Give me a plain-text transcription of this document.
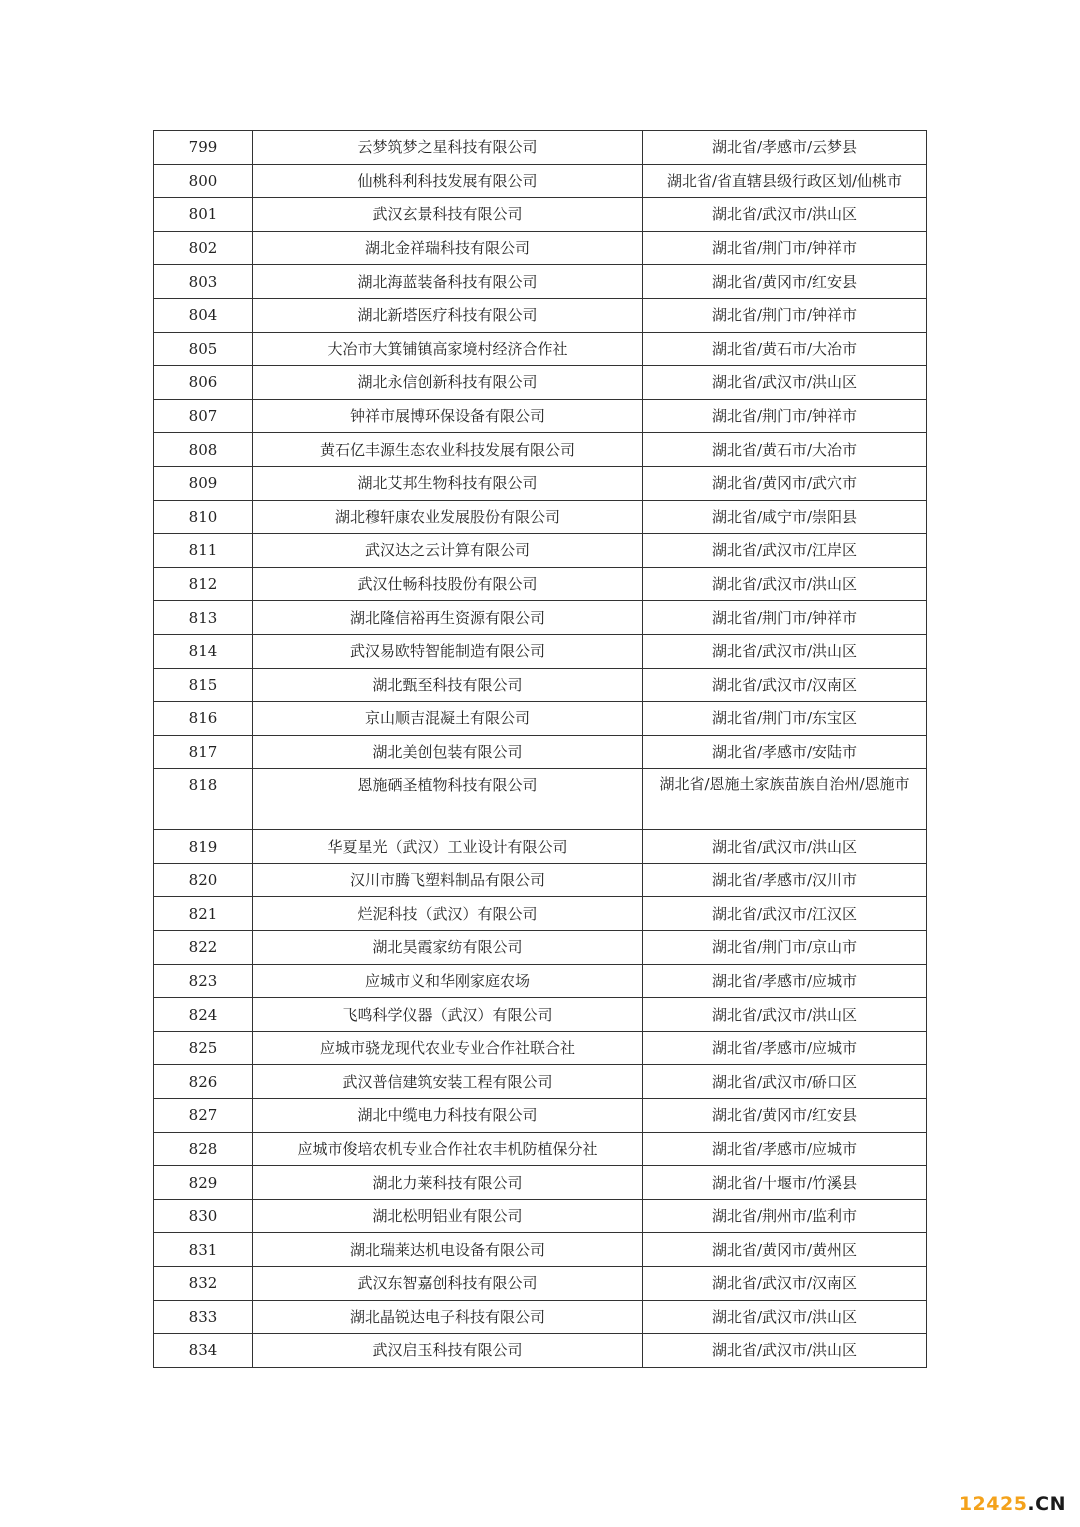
799	云梦筑梦之星科技有限公司	湖北省/孝感市/云梦县
800	仙桃科利科技发展有限公司	湖北省/省直辖县级行政区划/仙桃市
801	武汉玄景科技有限公司	湖北省/武汉市/洪山区
802	湖北金祥瑞科技有限公司	湖北省/荆门市/钟祥市
803	湖北海蓝装备科技有限公司	湖北省/黄冈市/红安县
804	湖北新塔医疗科技有限公司	湖北省/荆门市/钟祥市
805	大冶市大箕铺镇高家境村经济合作社	湖北省/黄石市/大冶市
806	湖北永信创新科技有限公司	湖北省/武汉市/洪山区
807	钟祥市展博环保设备有限公司	湖北省/荆门市/钟祥市
808	黄石亿丰源生态农业科技发展有限公司	湖北省/黄石市/大冶市
809	湖北艾邦生物科技有限公司	湖北省/黄冈市/武穴市
810	湖北穆轩康农业发展股份有限公司	湖北省/咸宁市/崇阳县
811	武汉达之云计算有限公司	湖北省/武汉市/江岸区
812	武汉仕畅科技股份有限公司	湖北省/武汉市/洪山区
813	湖北隆信裕再生资源有限公司	湖北省/荆门市/钟祥市
814	武汉易欧特智能制造有限公司	湖北省/武汉市/洪山区
815	湖北甄至科技有限公司	湖北省/武汉市/汉南区
816	京山顺吉混凝土有限公司	湖北省/荆门市/东宝区
817	湖北美创包装有限公司	湖北省/孝感市/安陆市
818	恩施硒圣植物科技有限公司	湖北省/恩施土家族苗族自治州/恩施市
819	华夏星光（武汉）工业设计有限公司	湖北省/武汉市/洪山区
820	汉川市腾飞塑料制品有限公司	湖北省/孝感市/汉川市
821	烂泥科技（武汉）有限公司	湖北省/武汉市/江汉区
822	湖北昊霞家纺有限公司	湖北省/荆门市/京山市
823	应城市义和华刚家庭农场	湖北省/孝感市/应城市
824	飞鸣科学仪器（武汉）有限公司	湖北省/武汉市/洪山区
825	应城市骁龙现代农业专业合作社联合社	湖北省/孝感市/应城市
826	武汉普信建筑安装工程有限公司	湖北省/武汉市/硚口区
827	湖北中缆电力科技有限公司	湖北省/黄冈市/红安县
828	应城市俊培农机专业合作社农丰机防植保分社	湖北省/孝感市/应城市
829	湖北力莱科技有限公司	湖北省/十堰市/竹溪县
830	湖北松明铝业有限公司	湖北省/荆州市/监利市
831	湖北瑞莱达机电设备有限公司	湖北省/黄冈市/黄州区
832	武汉东智嘉创科技有限公司	湖北省/武汉市/汉南区
833	湖北晶锐达电子科技有限公司	湖北省/武汉市/洪山区
834	武汉启玉科技有限公司	湖北省/武汉市/洪山区
12425.CN
